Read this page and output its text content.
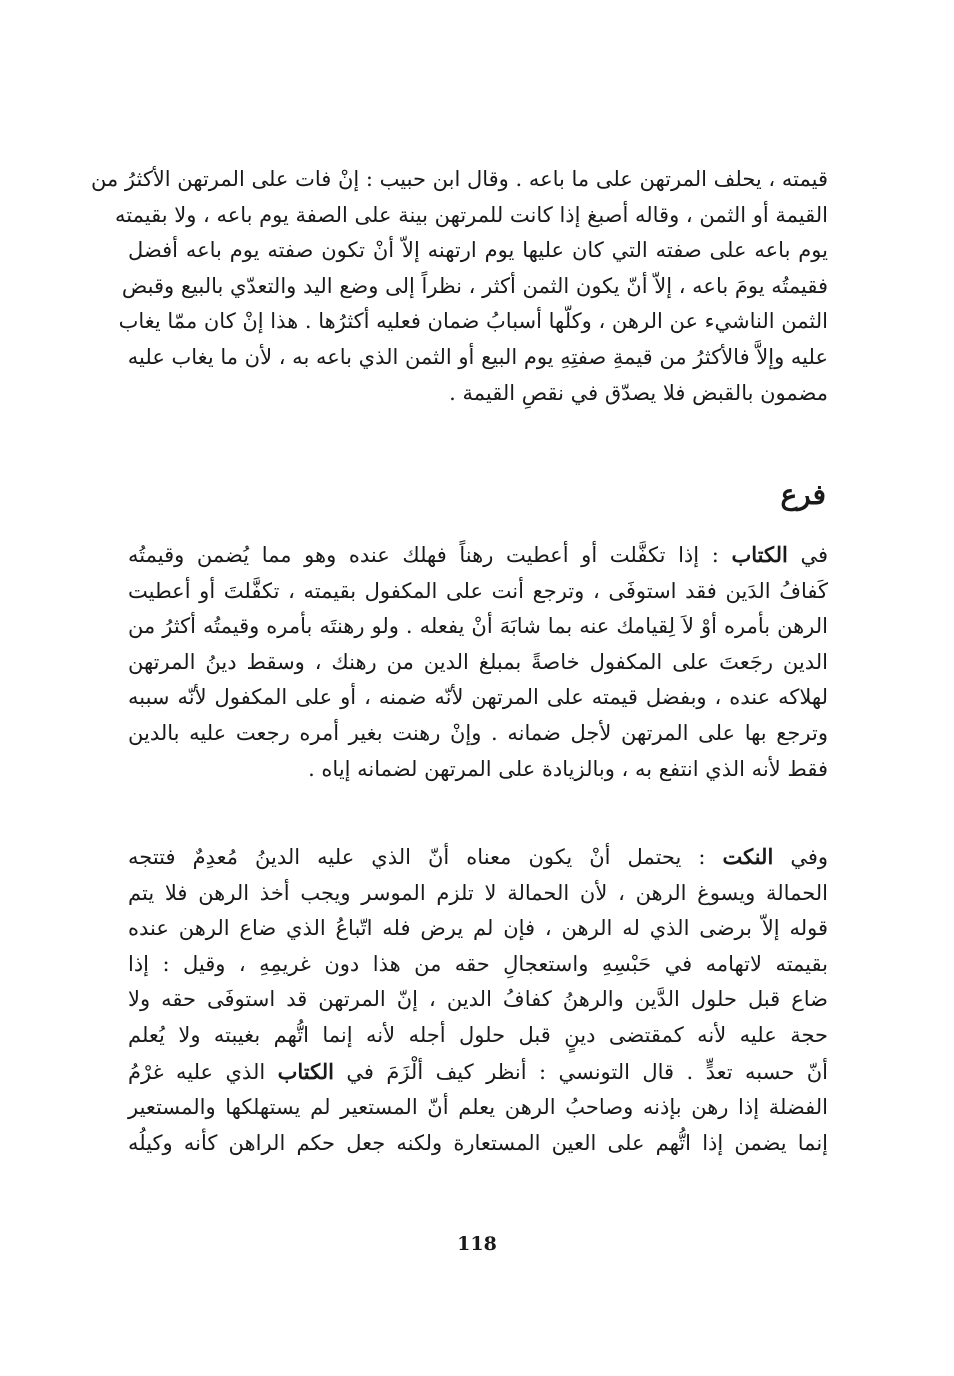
قيمته ، يحلف المرتهن على ما باعه . وقال ابن حبيب : إنْ فات على المرتهن الأكثرُ من
القيمة أو الثمن ، وقاله أصبغ إذا كانت للمرتهن بينة على الصفة يوم باعه ، ولا بقيمته
يوم باعه على صفته التي كان عليها يوم ارتهنه إلاّ أنْ تكون صفته يوم باعه أفضل
فقيمتُه يومَ باعه ، إلاّ أنّ يكون الثمن أكثر ، نظراً إلى وضع اليد والتعدّي بالبيع وقبض
الثمن الناشيء عن الرهن ، وكلّها أسبابُ ضمان فعليه أكثرُها . هذا إنْ كان ممّا يغاب
عليه وإلاَّ فالأكثرُ من قيمةِ صفتِهِ يوم البيع أو الثمن الذي باعه به ، لأن ما يغاب عليه
مضمون بالقبض فلا يصدّق في نقصِ القيمة .
فرع
في الكتاب : إذا تكفَّلت أو أعطيت رهناً فهلك عنده وهو مما يُضمن وقيمتُه
كَفافُ الدَين فقد استوفَى ، وترجع أنت على المكفول بقيمته ، تكفَّلتَ أو أعطيت
الرهن بأمره أوْ لاَ لِقيامك عنه بما شابَهَ أنْ يفعله . ولو رهنتَه بأمره وقيمتُه أكثرُ من
الدين رجَعتَ على المكفول خاصةً بمبلغ الدين من رهنك ، وسقط دينُ المرتهن
لهلاكه عنده ، وبفضل قيمته على المرتهن لأنّه ضمنه ، أو على المكفول لأنّه سببه
وترجع بها على المرتهن لأجل ضمانه . وإنْ رهنت بغير أمره رجعت عليه بالدين
فقط لأنه الذي انتفع به ، وبالزيادة على المرتهن لضمانه إياه .
وفي النكت : يحتمل أنْ يكون معناه أنّ الذي عليه الدينُ مُعدِمٌ فتتجه
الحمالة ويسوغ الرهن ، لأن الحمالة لا تلزم الموسر ويجب أخذ الرهن فلا يتم
قوله إلاّ برضى الذي له الرهن ، فإن لم يرض فله اتّباعُ الذي ضاع الرهن عنده
بقيمته لاتهامه في حَبْسِهِ واستعجالِ حقه من هذا دون غريمِهِ ، وقيل : إذا
ضاع قبل حلول الدَّين والرهنُ كفافُ الدين ، إنّ المرتهن قد استوفَى حقه ولا
حجة عليه لأنه كمقتضى دينٍ قبل حلول أجله لأنه إنما اتُّهم بغيبته ولا يُعلم
أنّ حسبه تعدٍّ . قال التونسي : أنظر كيف ألْزَمَ في الكتاب الذي عليه غرْمُ
الفضلة إذا رهن بإذنه وصاحبُ الرهن يعلم أنّ المستعير لم يستهلكها والمستعير
إنما يضمن إذا اتُّهم على العين المستعارة ولكنه جعل حكم الراهن كأنه وكيلُه
118
